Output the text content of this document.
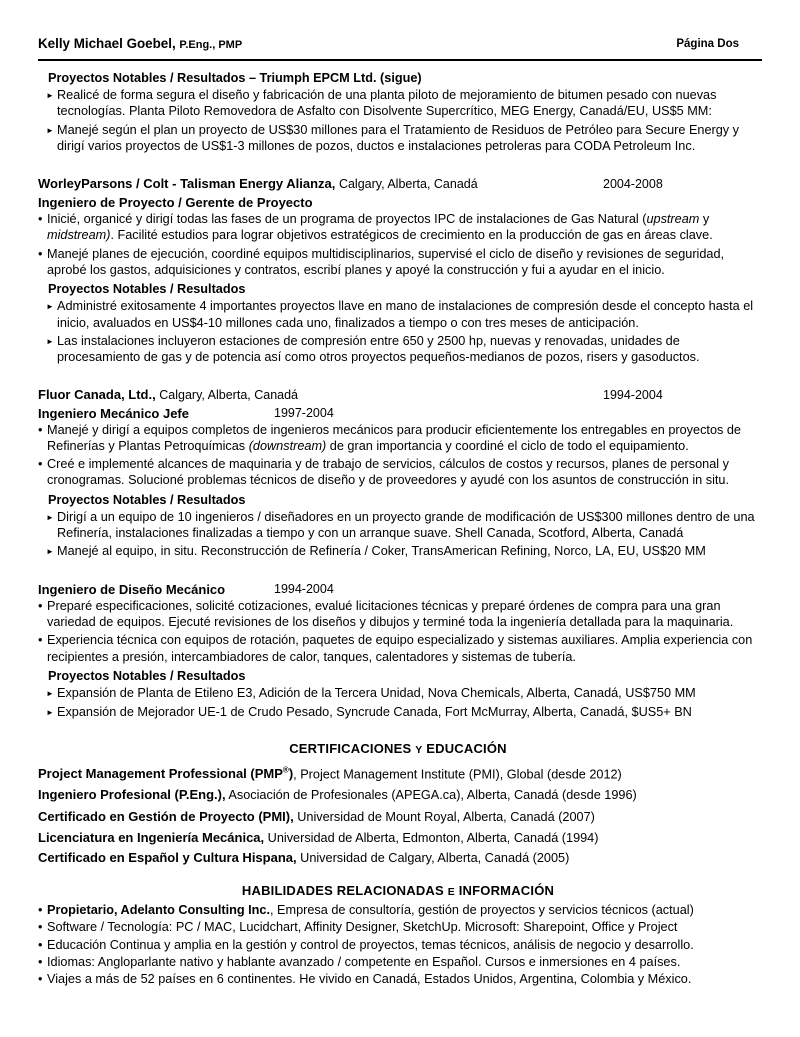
Kelly Michael Goebel, P.Eng., PMP	Página Dos
Proyectos Notables / Resultados – Triumph EPCM Ltd. (sigue)
► Realicé de forma segura el diseño y fabricación de una planta piloto de mejoramiento de bitumen pesado con nuevas tecnologías. Planta Piloto Removedora de Asfalto con Disolvente Supercrítico, MEG Energy, Canadá/EU, US$5 MM:
► Manejé según el plan un proyecto de US$30 millones para el Tratamiento de Residuos de Petróleo para Secure Energy y dirigí varios proyectos de US$1-3 millones de pozos, ductos e instalaciones petroleras para CODA Petroleum Inc.
WorleyParsons / Colt - Talisman Energy Alianza, Calgary, Alberta, Canadá	2004-2008
Ingeniero de Proyecto / Gerente de Proyecto
• Inicié, organicé y dirigí todas las fases de un programa de proyectos IPC de instalaciones de Gas Natural (upstream y midstream). Facilité estudios para lograr objetivos estratégicos de crecimiento en la producción de gas en áreas clave.
• Manejé planes de ejecución, coordiné equipos multidisciplinarios, supervisé el ciclo de diseño y revisiones de seguridad, aprobé los gastos, adquisiciones y contratos, escribí planes y apoyé la construcción y fui a ayudar en el inicio.
Proyectos Notables / Resultados
► Administré exitosamente 4 importantes proyectos llave en mano de instalaciones de compresión desde el concepto hasta el inicio, avaluados en US$4-10 millones cada uno, finalizados a tiempo o con tres meses de anticipación.
► Las instalaciones incluyeron estaciones de compresión entre 650 y 2500 hp, nuevas y renovadas, unidades de procesamiento de gas y de potencia así como otros proyectos pequeños-medianos de pozos, risers y gasoductos.
Fluor Canada, Ltd., Calgary, Alberta, Canadá	1994-2004
Ingeniero Mecánico Jefe	1997-2004
• Manejé y dirigí a equipos completos de ingenieros mecánicos para producir eficientemente los entregables en proyectos de Refinerías y Plantas Petroquímicas (downstream) de gran importancia y coordiné el ciclo de todo el equipamiento.
• Creé e implementé alcances de maquinaria y de trabajo de servicios, cálculos de costos y recursos, planes de personal y cronogramas. Solucioné problemas técnicos de diseño y de proveedores y ayudé con los asuntos de construcción in situ.
Proyectos Notables / Resultados
► Dirigí a un equipo de 10 ingenieros / diseñadores en un proyecto grande de modificación de US$300 millones dentro de una Refinería, instalaciones finalizadas a tiempo y con un arranque suave. Shell Canada, Scotford, Alberta, Canadá
► Manejé al equipo, in situ. Reconstrucción de Refinería / Coker, TransAmerican Refining, Norco, LA, EU, US$20 MM
Ingeniero de Diseño Mecánico	1994-2004
• Preparé especificaciones, solicité cotizaciones, evalué licitaciones técnicas y preparé órdenes de compra para una gran variedad de equipos. Ejecuté revisiones de los diseños y dibujos y terminé toda la ingeniería detallada para la maquinaria.
• Experiencia técnica con equipos de rotación, paquetes de equipo especializado y sistemas auxiliares. Amplia experiencia con recipientes a presión, intercambiadores de calor, tanques, calentadores y sistemas de tubería.
Proyectos Notables / Resultados
► Expansión de Planta de Etileno E3, Adición de la Tercera Unidad, Nova Chemicals, Alberta, Canadá, US$750 MM
► Expansión de Mejorador UE-1 de Crudo Pesado, Syncrude Canada, Fort McMurray, Alberta, Canadá, $US5+ BN
CERTIFICACIONES Y EDUCACIÓN
Project Management Professional (PMP®), Project Management Institute (PMI), Global (desde 2012)
Ingeniero Profesional (P.Eng.), Asociación de Profesionales (APEGA.ca), Alberta, Canadá (desde 1996)
Certificado en Gestión de Proyecto (PMI), Universidad de Mount Royal, Alberta, Canadá (2007)
Licenciatura en Ingeniería Mecánica, Universidad de Alberta, Edmonton, Alberta, Canadá (1994)
Certificado en Español y Cultura Hispana, Universidad de Calgary, Alberta, Canadá (2005)
HABILIDADES RELACIONADAS E INFORMACIÓN
• Propietario, Adelanto Consulting Inc., Empresa de consultoría, gestión de proyectos y servicios técnicos (actual)
• Software / Tecnología: PC / MAC, Lucidchart, Affinity Designer, SketchUp. Microsoft: Sharepoint, Office y Project
• Educación Continua y amplia en la gestión y control de proyectos, temas técnicos, análisis de negocio y desarrollo.
• Idiomas: Angloparlante nativo y hablante avanzado / competente en Español. Cursos e inmersiones en 4 países.
• Viajes a más de 52 países en 6 continentes. He vivido en Canadá, Estados Unidos, Argentina, Colombia y México.
